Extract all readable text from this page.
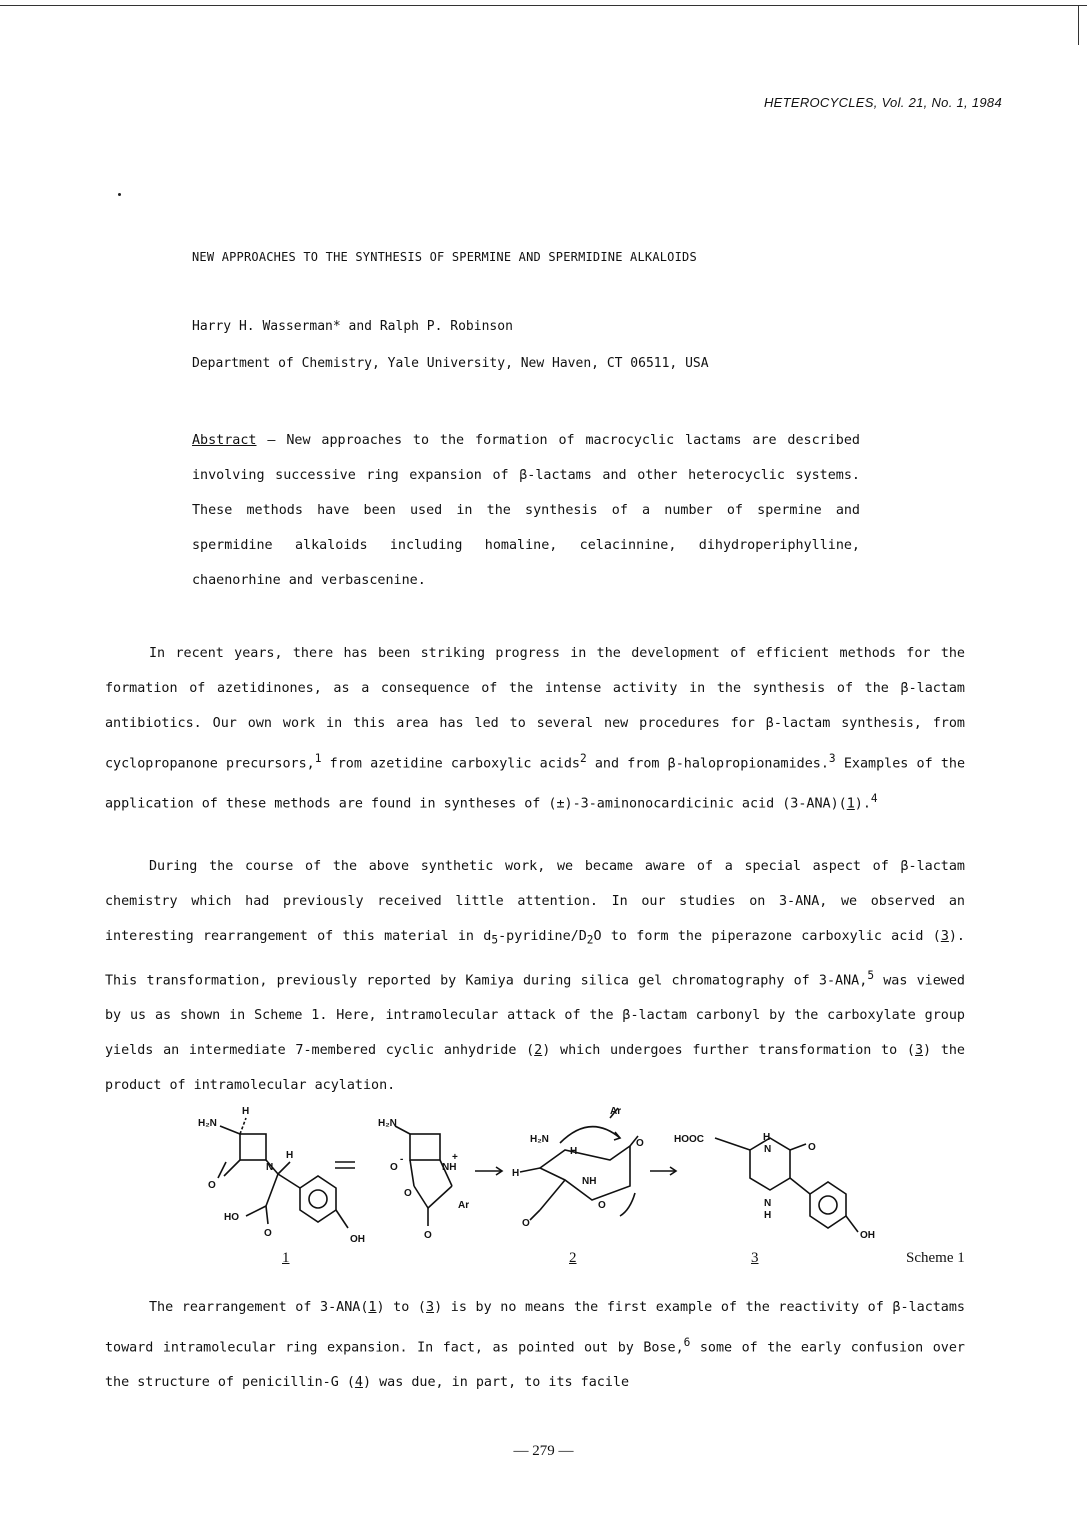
HETEROCYCLES, Vol. 21, No. 1, 1984
NEW APPROACHES TO THE SYNTHESIS OF SPERMINE AND SPERMIDINE ALKALOIDS
Harry H. Wasserman* and Ralph P. Robinson
Department of Chemistry, Yale University, New Haven, CT 06511, USA
Abstract — New approaches to the formation of macrocyclic lactams are described involving successive ring expansion of β-lactams and other heterocyclic systems. These methods have been used in the synthesis of a number of spermine and spermidine alkaloids including homaline, celacinnine, dihydroperiphylline, chaenorhine and verbascenine.
In recent years, there has been striking progress in the development of efficient methods for the formation of azetidinones, as a consequence of the intense activity in the synthesis of the β-lactam antibiotics. Our own work in this area has led to several new procedures for β-lactam synthesis, from cyclopropanone precursors,$^1$ from azetidine carboxylic acids$^2$ and from β-halopropionamides.$^3$ Examples of the application of these methods are found in syntheses of (±)-3-aminonocardicinic acid (3-ANA)(1).$^4$
During the course of the above synthetic work, we became aware of a special aspect of β-lactam chemistry which had previously received little attention. In our studies on 3-ANA, we observed an interesting rearrangement of this material in $d_5-pyridine/D_2O$ to form the piperazone carboxylic acid (3). This transformation, previously reported by Kamiya during silica gel chromatography of 3-ANA,$^5$ was viewed by us as shown in Scheme 1. Here, intramolecular attack of the β-lactam carbonyl by the carboxylate group yields an intermediate 7-membered cyclic anhydride (2) which undergoes further transformation to (3) the product of intramolecular acylation.
H₂N
H
N
H
O
HO
O
OH
H₂N
O
-
NH
+
O
Ar
O
H
H₂N
H
Ar
O
NH
O
O
HOOC	H
N	O
N
H
OH
1	2	3	Scheme 1
The rearrangement of 3-ANA(1) to (3) is by no means the first example of the reactivity of β-lactams toward intramolecular ring expansion. In fact, as pointed out by Bose,$^6$ some of the early confusion over the structure of penicillin-G (4) was due, in part, to its facile
— 279 —
